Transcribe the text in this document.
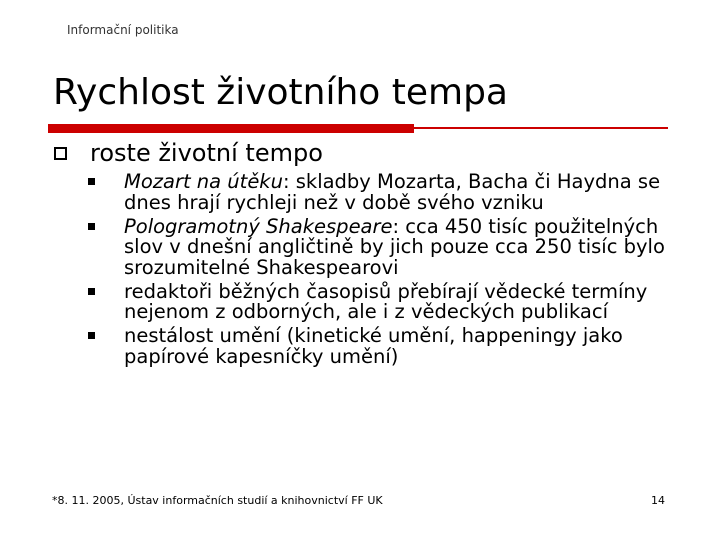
Informační politika
Rychlost životního tempa
roste životní tempo
Mozart na útěku: skladby Mozarta, Bacha či Haydna se dnes hrají rychleji než v době svého vzniku
Pologramotný Shakespeare: cca 450 tisíc použitelných slov v dnešní angličtině by jich pouze cca 250 tisíc bylo srozumitelné Shakespearovi
redaktoři běžných časopisů přebírají vědecké termíny nejenom z odborných, ale i z vědeckých publikací
nestálost umění (kinetické umění, happeningy jako papírové kapesníčky umění)
*8. 11. 2005, Ústav informačních studií a knihovnictví FF UK	14
